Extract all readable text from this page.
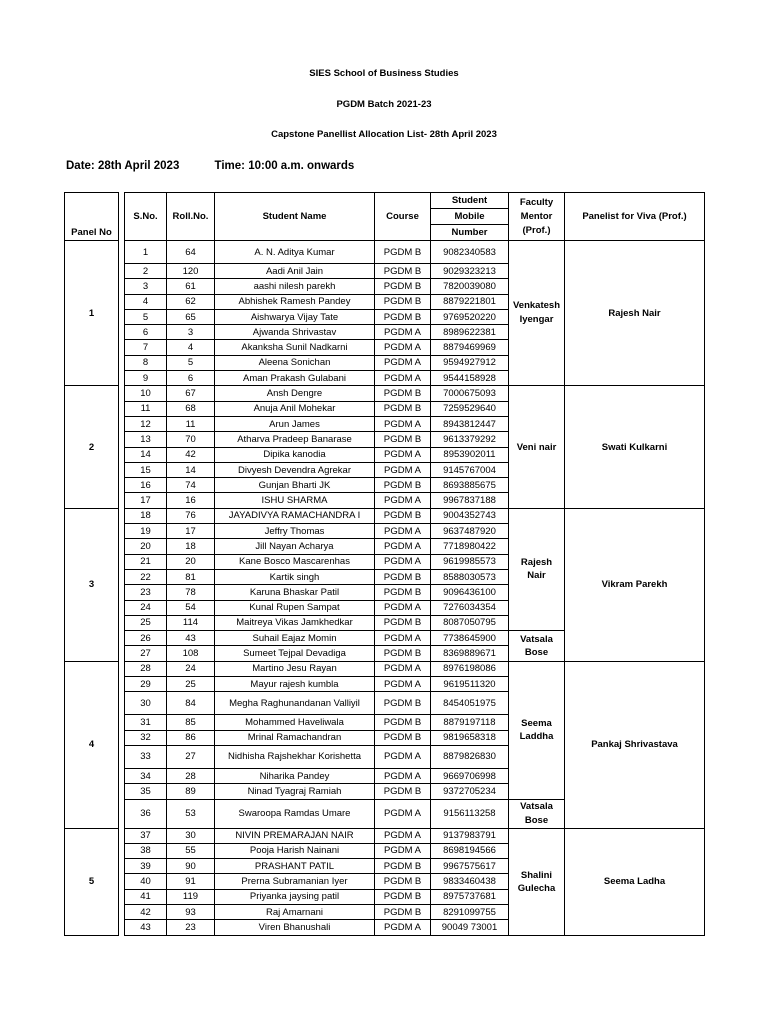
SIES School of Business Studies
PGDM Batch 2021-23
Capstone Panellist Allocation List- 28th April 2023
Date: 28th April 2023	Time: 10:00 a.m. onwards
Panel No		S.No.	Roll.No.	Student Name	Course	Student	Faculty Mentor (Prof.)	Panelist for Viva (Prof.)
						Mobile		
						Number		
1		1	64	A. N. Aditya Kumar	PGDM B	9082340583	Venkatesh Iyengar	Rajesh Nair
		2	120	Aadi Anil Jain	PGDM B	9029323213		
		3	61	aashi nilesh parekh	PGDM B	7820039080		
		4	62	Abhishek Ramesh Pandey	PGDM B	8879221801		
		5	65	Aishwarya Vijay Tate	PGDM B	9769520220		
		6	3	Ajwanda Shrivastav	PGDM A	8989622381		
		7	4	Akanksha Sunil Nadkarni	PGDM A	8879469969		
		8	5	Aleena Sonichan	PGDM A	9594927912		
		9	6	Aman Prakash Gulabani	PGDM A	9544158928		
2		10	67	Ansh Dengre	PGDM B	7000675093	Veni nair	Swati Kulkarni
		11	68	Anuja Anil Mohekar	PGDM B	7259529640		
		12	11	Arun James	PGDM A	8943812447		
		13	70	Atharva Pradeep Banarase	PGDM B	9613379292		
		14	42	Dipika kanodia	PGDM A	8953902011		
		15	14	Divyesh Devendra Agrekar	PGDM A	9145767004		
		16	74	Gunjan Bharti JK	PGDM B	8693885675		
		17	16	ISHU SHARMA	PGDM A	9967837188		
3		18	76	JAYADIVYA RAMACHANDRA I	PGDM B	9004352743	Rajesh Nair	Vikram Parekh
		19	17	Jeffry Thomas	PGDM A	9637487920		
		20	18	Jill Nayan Acharya	PGDM A	7718980422		
		21	20	Kane Bosco Mascarenhas	PGDM A	9619985573		
		22	81	Kartik singh	PGDM B	8588030573		
		23	78	Karuna Bhaskar Patil	PGDM B	9096436100		
		24	54	Kunal Rupen Sampat	PGDM A	7276034354		
		25	114	Maitreya Vikas Jamkhedkar	PGDM B	8087050795		
		26	43	Suhail Eajaz Momin	PGDM A	7738645900	Vatsala Bose	
		27	108	Sumeet Tejpal Devadiga	PGDM B	8369889671		
4		28	24	Martino Jesu Rayan	PGDM A	8976198086	Seema Laddha	Pankaj Shrivastava
		29	25	Mayur rajesh kumbla	PGDM A	9619511320		
		30	84	Megha Raghunandanan Valliyil	PGDM B	8454051975		
		31	85	Mohammed Haveliwala	PGDM B	8879197118		
		32	86	Mrinal Ramachandran	PGDM B	9819658318		
		33	27	Nidhisha Rajshekhar Korishetta	PGDM A	8879826830		
		34	28	Niharika Pandey	PGDM A	9669706998		
		35	89	Ninad Tyagraj Ramiah	PGDM B	9372705234		
		36	53	Swaroopa Ramdas Umare	PGDM A	9156113258	Vatsala Bose	
5		37	30	NIVIN PREMARAJAN NAIR	PGDM A	9137983791	Shalini Gulecha	Seema Ladha
		38	55	Pooja Harish Nainani	PGDM A	8698194566		
		39	90	PRASHANT PATIL	PGDM B	9967575617		
		40	91	Prerna Subramanian Iyer	PGDM B	9833460438		
		41	119	Priyanka jaysing patil	PGDM B	8975737681		
		42	93	Raj Amarnani	PGDM B	8291099755		
		43	23	Viren Bhanushali	PGDM A	90049 73001		
